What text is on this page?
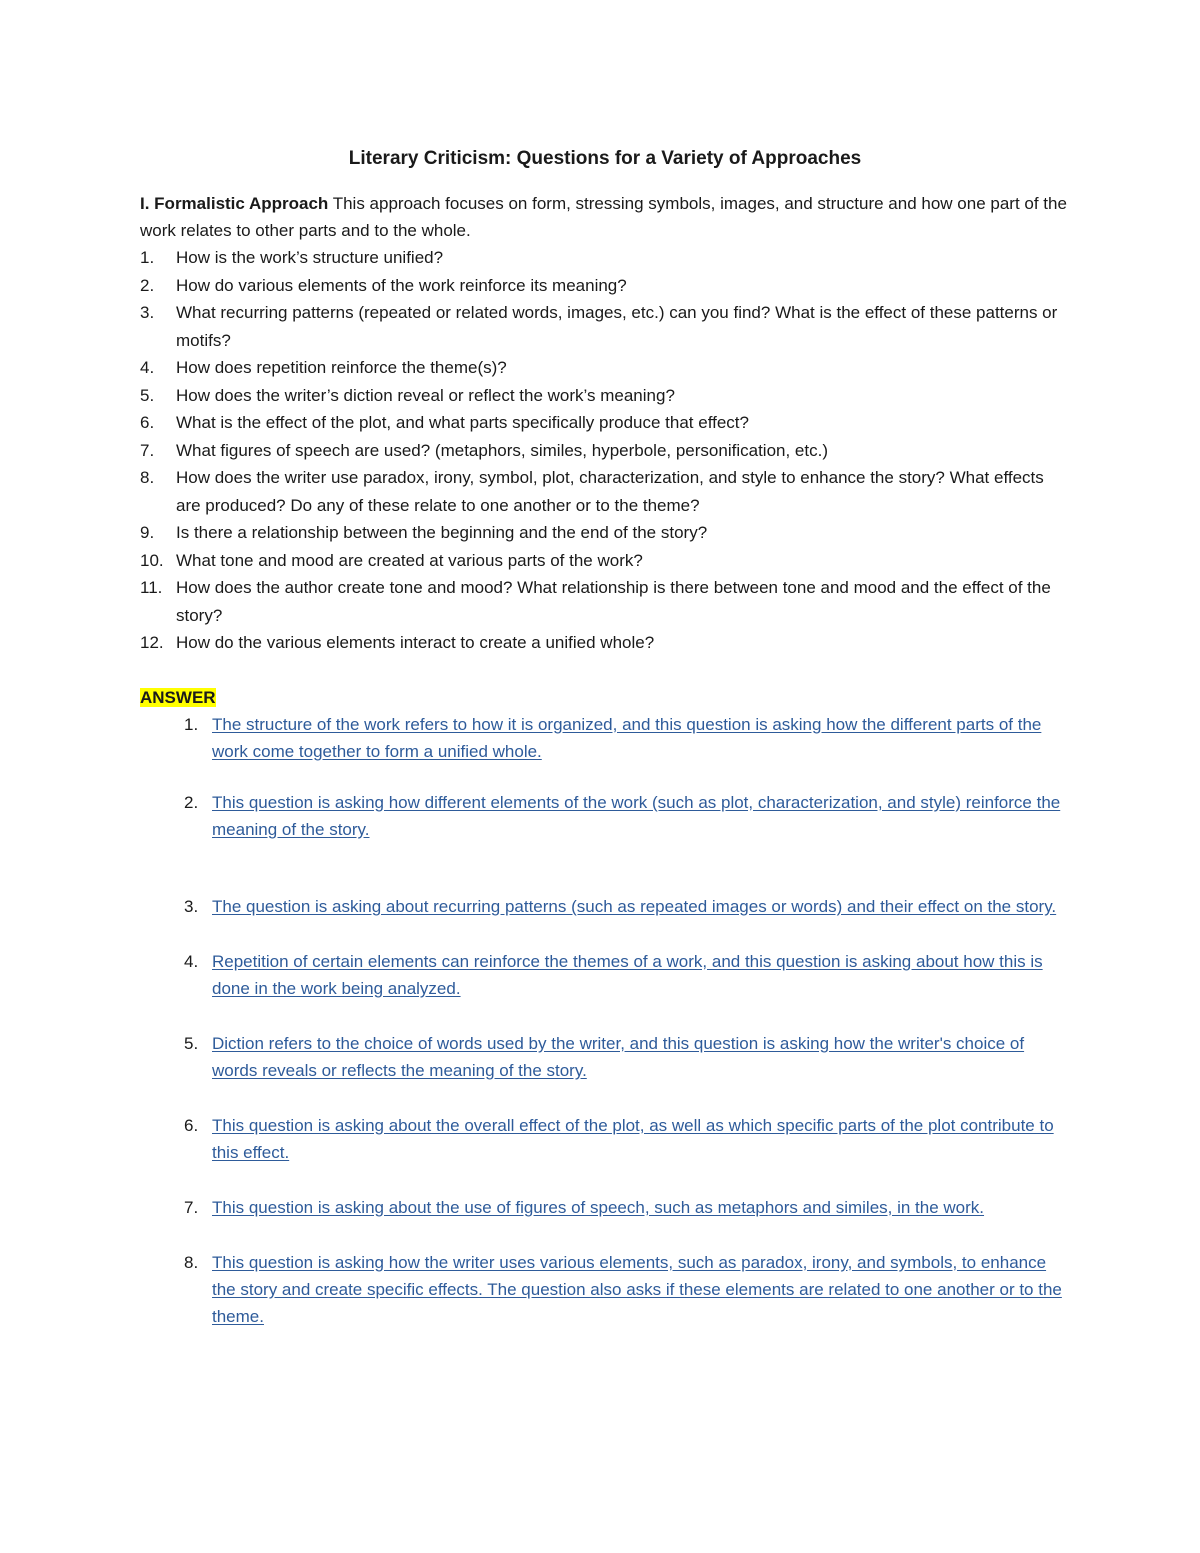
Literary Criticism: Questions for a Variety of Approaches

I. Formalistic Approach This approach focuses on form, stressing symbols, images, and structure and how one part of the work relates to other parts and to the whole.

1.	How is the work’s structure unified?
2.	How do various elements of the work reinforce its meaning?
3.	What recurring patterns (repeated or related words, images, etc.) can you find? What is the effect of these patterns or motifs?
4.	How does repetition reinforce the theme(s)?
5.	How does the writer’s diction reveal or reflect the work’s meaning?
6.	What is the effect of the plot, and what parts specifically produce that effect?
7.	What figures of speech are used? (metaphors, similes, hyperbole, personification, etc.)
8.	How does the writer use paradox, irony, symbol, plot, characterization, and style to enhance the story? What effects are produced? Do any of these relate to one another or to the theme?
9.	Is there a relationship between the beginning and the end of the story?
10. What tone and mood are created at various parts of the work?
11. How does the author create tone and mood? What relationship is there between tone and mood and the effect of the story?
12. How do the various elements interact to create a unified whole?
ANSWER
1. The structure of the work refers to how it is organized, and this question is asking how the different parts of the work come together to form a unified whole.
2. This question is asking how different elements of the work (such as plot, characterization, and style) reinforce the meaning of the story.
3. The question is asking about recurring patterns (such as repeated images or words) and their effect on the story.
4. Repetition of certain elements can reinforce the themes of a work, and this question is asking about how this is done in the work being analyzed.
5. Diction refers to the choice of words used by the writer, and this question is asking how the writer's choice of words reveals or reflects the meaning of the story.
6. This question is asking about the overall effect of the plot, as well as which specific parts of the plot contribute to this effect.
7. This question is asking about the use of figures of speech, such as metaphors and similes, in the work.
8. This question is asking how the writer uses various elements, such as paradox, irony, and symbols, to enhance the story and create specific effects. The question also asks if these elements are related to one another or to the theme.
